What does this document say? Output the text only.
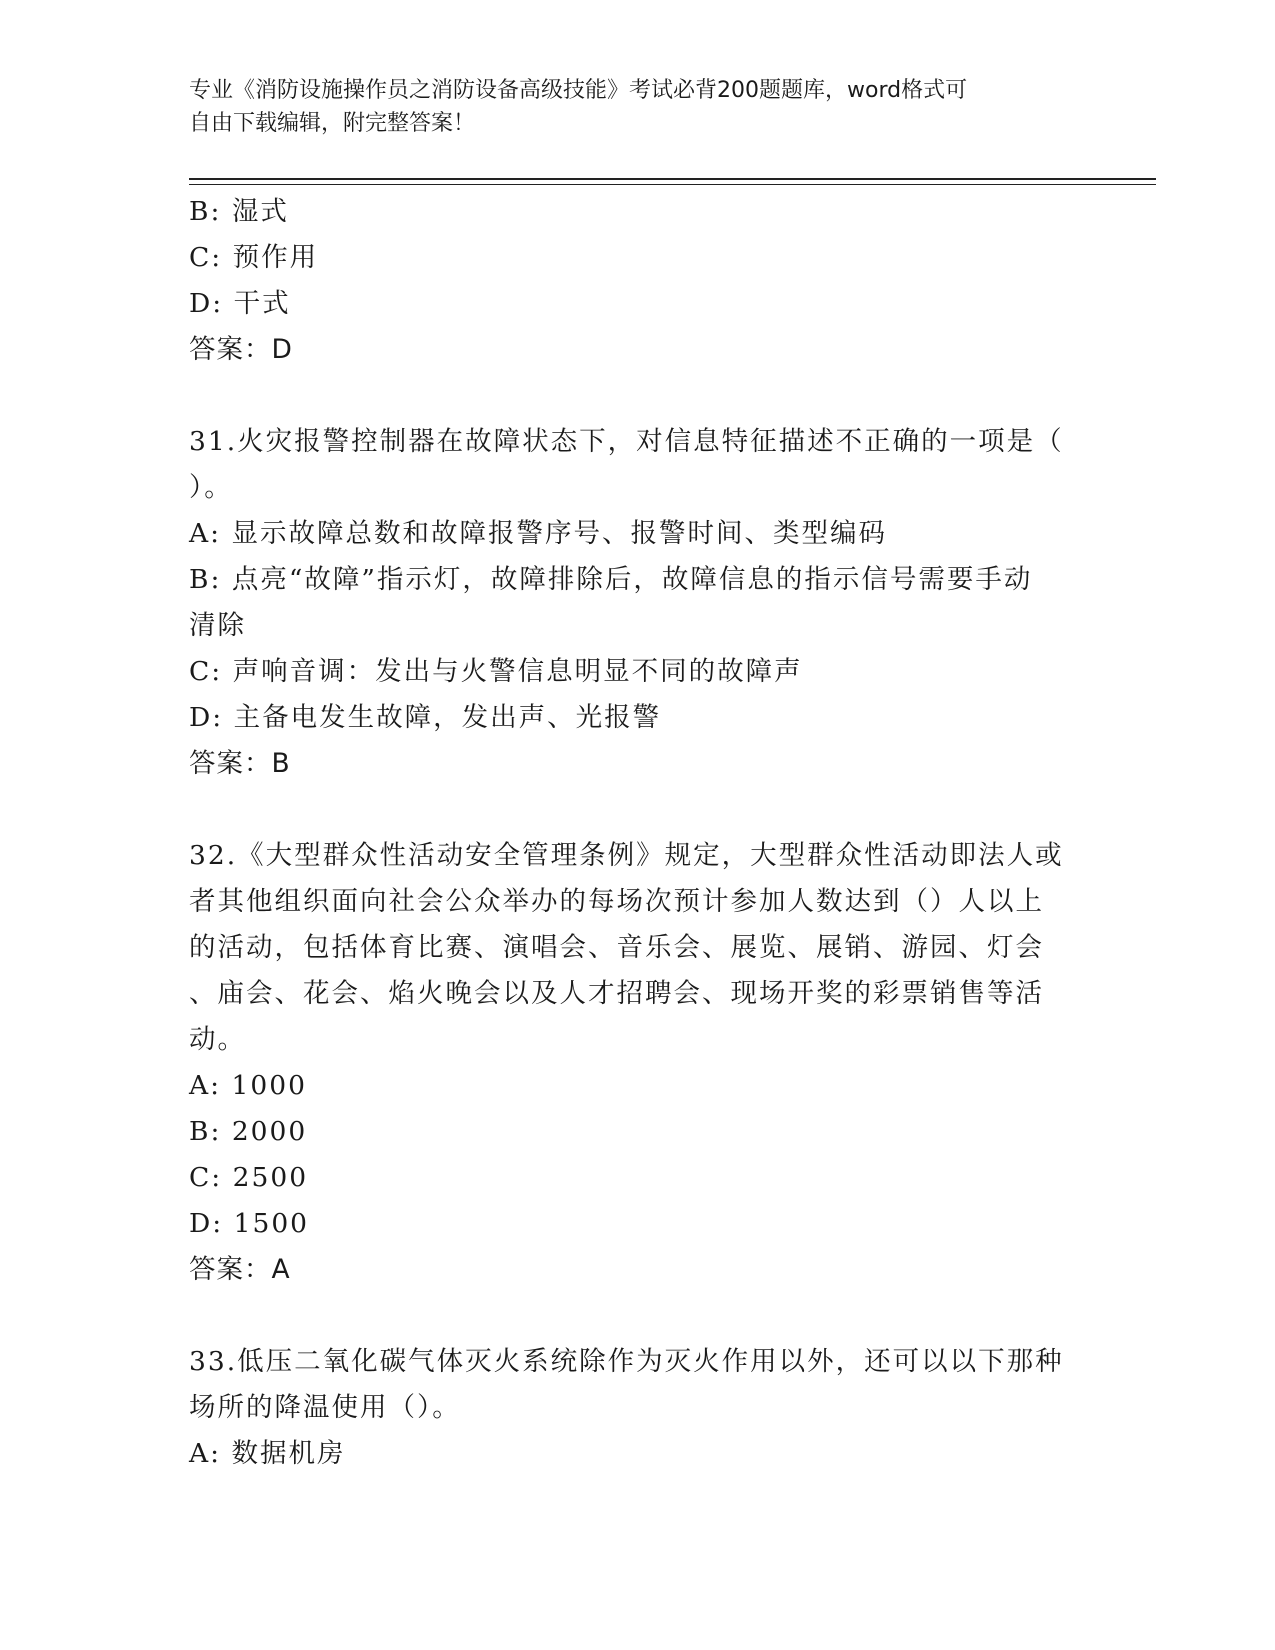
专业《消防设施操作员之消防设备高级技能》考试必背200题题库，word格式可
自由下载编辑，附完整答案！

B: 湿式

C: 预作用

D: 干式

答案：D

31.火灾报警控制器在故障状态下，对信息特征描述不正确的一项是（

）。

A: 显示故障总数和故障报警序号、报警时间、类型编码

B: 点亮“故障”指示灯，故障排除后，故障信息的指示信号需要手动

清除

C: 声响音调：发出与火警信息明显不同的故障声

D: 主备电发生故障，发出声、光报警

答案：B

32.《大型群众性活动安全管理条例》规定，大型群众性活动即法人或

者其他组织面向社会公众举办的每场次预计参加人数达到（）人以上

的活动，包括体育比赛、演唱会、音乐会、展览、展销、游园、灯会

、庙会、花会、焰火晚会以及人才招聘会、现场开奖的彩票销售等活

动。

A: 1000

B: 2000

C: 2500

D: 1500

答案：A

33.低压二氧化碳气体灭火系统除作为灭火作用以外，还可以以下那种

场所的降温使用（）。

A: 数据机房
